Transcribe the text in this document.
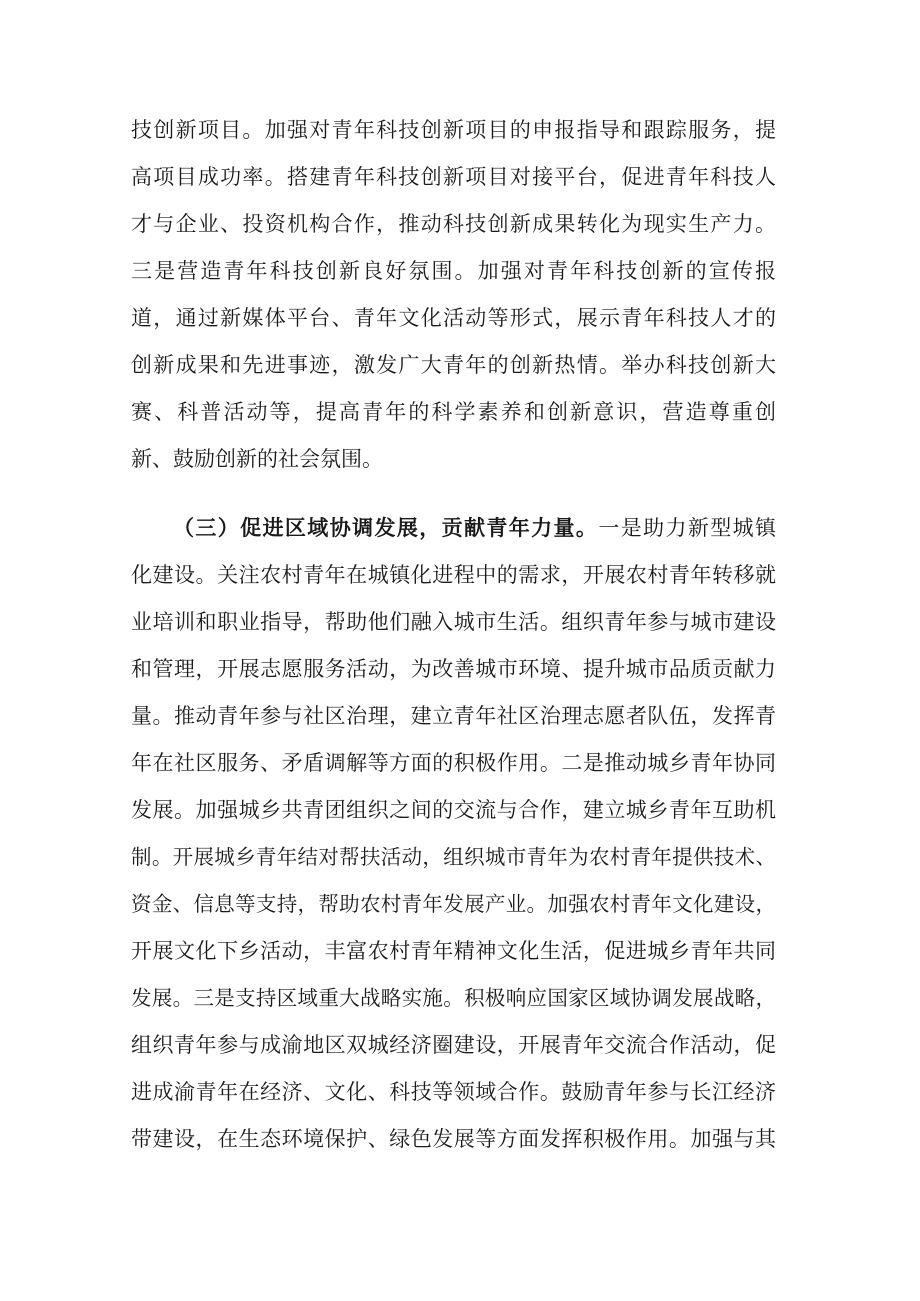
技创新项目。加强对青年科技创新项目的申报指导和跟踪服务，提
高项目成功率。搭建青年科技创新项目对接平台，促进青年科技人
才与企业、投资机构合作，推动科技创新成果转化为现实生产力。
三是营造青年科技创新良好氛围。加强对青年科技创新的宣传报
道，通过新媒体平台、青年文化活动等形式，展示青年科技人才的
创新成果和先进事迹，激发广大青年的创新热情。举办科技创新大
赛、科普活动等，提高青年的科学素养和创新意识，营造尊重创
新、鼓励创新的社会氛围。
（三）促进区域协调发展，贡献青年力量。一是助力新型城镇
化建设。关注农村青年在城镇化进程中的需求，开展农村青年转移就
业培训和职业指导，帮助他们融入城市生活。组织青年参与城市建设
和管理，开展志愿服务活动，为改善城市环境、提升城市品质贡献力
量。推动青年参与社区治理，建立青年社区治理志愿者队伍，发挥青
年在社区服务、矛盾调解等方面的积极作用。二是推动城乡青年协同
发展。加强城乡共青团组织之间的交流与合作，建立城乡青年互助机
制。开展城乡青年结对帮扶活动，组织城市青年为农村青年提供技术、
资金、信息等支持，帮助农村青年发展产业。加强农村青年文化建设，
开展文化下乡活动，丰富农村青年精神文化生活，促进城乡青年共同
发展。三是支持区域重大战略实施。积极响应国家区域协调发展战略，
组织青年参与成渝地区双城经济圈建设，开展青年交流合作活动，促
进成渝青年在经济、文化、科技等领域合作。鼓励青年参与长江经济
带建设，在生态环境保护、绿色发展等方面发挥积极作用。加强与其
